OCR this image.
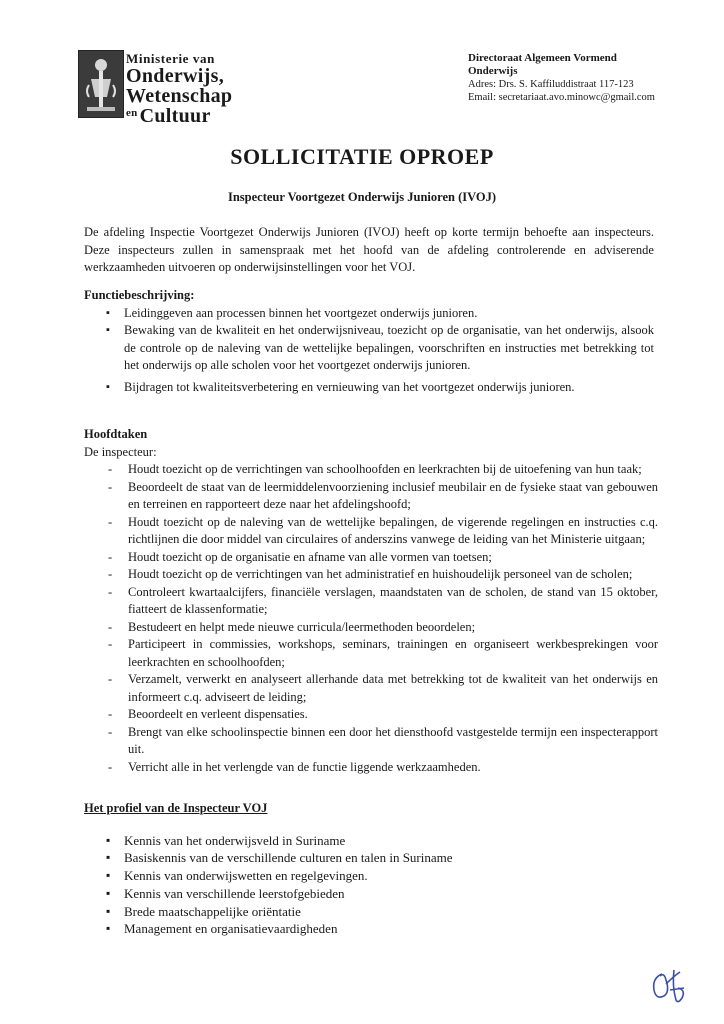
Ministerie van
Onderwijs,
Wetenschap
$^{en}$ Cultuur
Directoraat Algemeen Vormend
Onderwijs
Adres: Drs. S. Kaffiluddistraat 117-123
Email: secretariaat.avo.minowc@gmail.com
SOLLICITATIE OPROEP
Inspecteur Voortgezet Onderwijs Junioren (IVOJ)
De afdeling Inspectie Voortgezet Onderwijs Junioren (IVOJ) heeft op korte termijn behoefte aan inspecteurs. Deze inspecteurs zullen in samenspraak met het hoofd van de afdeling controlerende en adviserende werkzaamheden uitvoeren op onderwijsinstellingen voor het VOJ.
Functiebeschrijving:
▪ Leidinggeven aan processen binnen het voortgezet onderwijs junioren.
▪ Bewaking van de kwaliteit en het onderwijsniveau, toezicht op de organisatie, van het onderwijs, alsook de controle op de naleving van de wettelijke bepalingen, voorschriften en instructies met betrekking tot het onderwijs op alle scholen voor het voortgezet onderwijs junioren.
▪ Bijdragen tot kwaliteitsverbetering en vernieuwing van het voortgezet onderwijs junioren.
Hoofdtaken
De inspecteur:
- Houdt toezicht op de verrichtingen van schoolhoofden en leerkrachten bij de uitoefening van hun taak;
- Beoordeelt de staat van de leermiddelenvoorziening inclusief meubilair en de fysieke staat van gebouwen en terreinen en rapporteert deze naar het afdelingshoofd;
- Houdt toezicht op de naleving van de wettelijke bepalingen, de vigerende regelingen en instructies c.q. richtlijnen die door middel van circulaires of anderszins vanwege de leiding van het Ministerie uitgaan;
- Houdt toezicht op de organisatie en afname van alle vormen van toetsen;
- Houdt toezicht op de verrichtingen van het administratief en huishoudelijk personeel van de scholen;
- Controleert kwartaalcijfers, financiële verslagen, maandstaten van de scholen, de stand van 15 oktober, fiatteert de klassenformatie;
- Bestudeert en helpt mede nieuwe curricula/leermethoden beoordelen;
- Participeert in commissies, workshops, seminars, trainingen en organiseert werkbesprekingen voor leerkrachten en schoolhoofden;
- Verzamelt, verwerkt en analyseert allerhande data met betrekking tot de kwaliteit van het onderwijs en informeert c.q. adviseert de leiding;
- Beoordeelt en verleent dispensaties.
- Brengt van elke schoolinspectie binnen een door het diensthoofd vastgestelde termijn een inspecterapport uit.
- Verricht alle in het verlengde van de functie liggende werkzaamheden.
Het profiel van de Inspecteur VOJ
▪ Kennis van het onderwijsveld in Suriname
▪ Basiskennis van de verschillende culturen en talen in Suriname
▪ Kennis van onderwijswetten en regelgevingen.
▪ Kennis van verschillende leerstofgebieden
▪ Brede maatschappelijke oriëntatie
▪ Management en organisatievaardigheden
